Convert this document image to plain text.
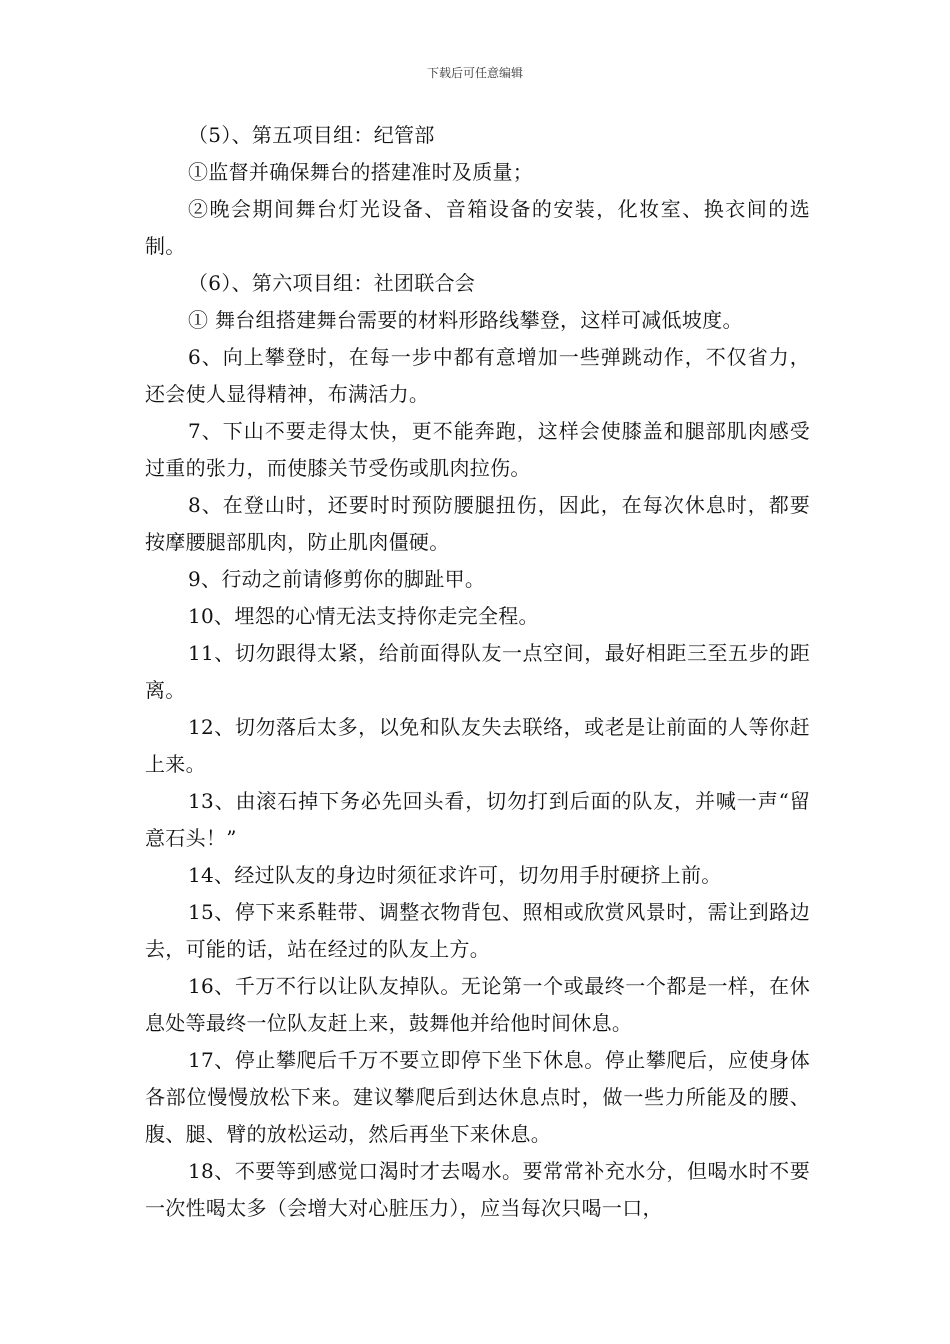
下载后可任意编辑

（5）、第五项目组：纪管部

①监督并确保舞台的搭建准时及质量；

②晚会期间舞台灯光设备、音箱设备的安装，化妆室、换衣间的选制。

（6）、第六项目组：社团联合会

① 舞台组搭建舞台需要的材料形路线攀登，这样可减低坡度。

6、向上攀登时，在每一步中都有意增加一些弹跳动作，不仅省力，还会使人显得精神，布满活力。

7、下山不要走得太快，更不能奔跑，这样会使膝盖和腿部肌肉感受过重的张力，而使膝关节受伤或肌肉拉伤。

8、在登山时，还要时时预防腰腿扭伤，因此，在每次休息时，都要按摩腰腿部肌肉，防止肌肉僵硬。

9、行动之前请修剪你的脚趾甲。

10、埋怨的心情无法支持你走完全程。

11、切勿跟得太紧，给前面得队友一点空间，最好相距三至五步的距离。

12、切勿落后太多，以免和队友失去联络，或老是让前面的人等你赶上来。

13、由滚石掉下务必先回头看，切勿打到后面的队友，并喊一声“留意石头！”

14、经过队友的身边时须征求许可，切勿用手肘硬挤上前。

15、停下来系鞋带、调整衣物背包、照相或欣赏风景时，需让到路边去，可能的话，站在经过的队友上方。

16、千万不行以让队友掉队。无论第一个或最终一个都是一样，在休息处等最终一位队友赶上来，鼓舞他并给他时间休息。

17、停止攀爬后千万不要立即停下坐下休息。停止攀爬后，应使身体各部位慢慢放松下来。建议攀爬后到达休息点时，做一些力所能及的腰、腹、腿、臂的放松运动，然后再坐下来休息。

18、不要等到感觉口渴时才去喝水。要常常补充水分，但喝水时不要一次性喝太多（会增大对心脏压力），应当每次只喝一口，
